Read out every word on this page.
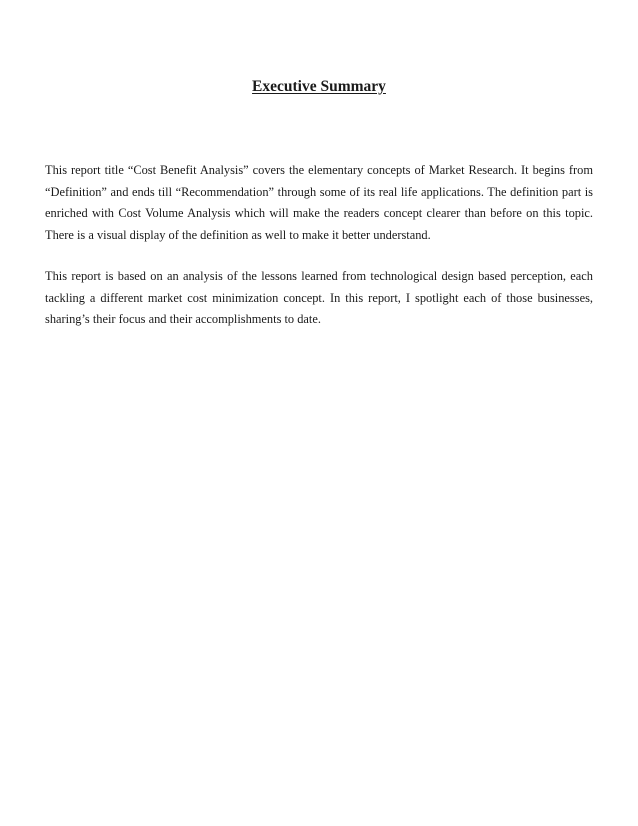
Executive Summary

This report title “Cost Benefit Analysis” covers the elementary concepts of Market Research. It begins from “Definition” and ends till “Recommendation” through some of its real life applications. The definition part is enriched with Cost Volume Analysis which will make the readers concept clearer than before on this topic. There is a visual display of the definition as well to make it better understand.

This report is based on an analysis of the lessons learned from technological design based perception, each tackling a different market cost minimization concept. In this report, I spotlight each of those businesses, sharing’s their focus and their accomplishments to date.
